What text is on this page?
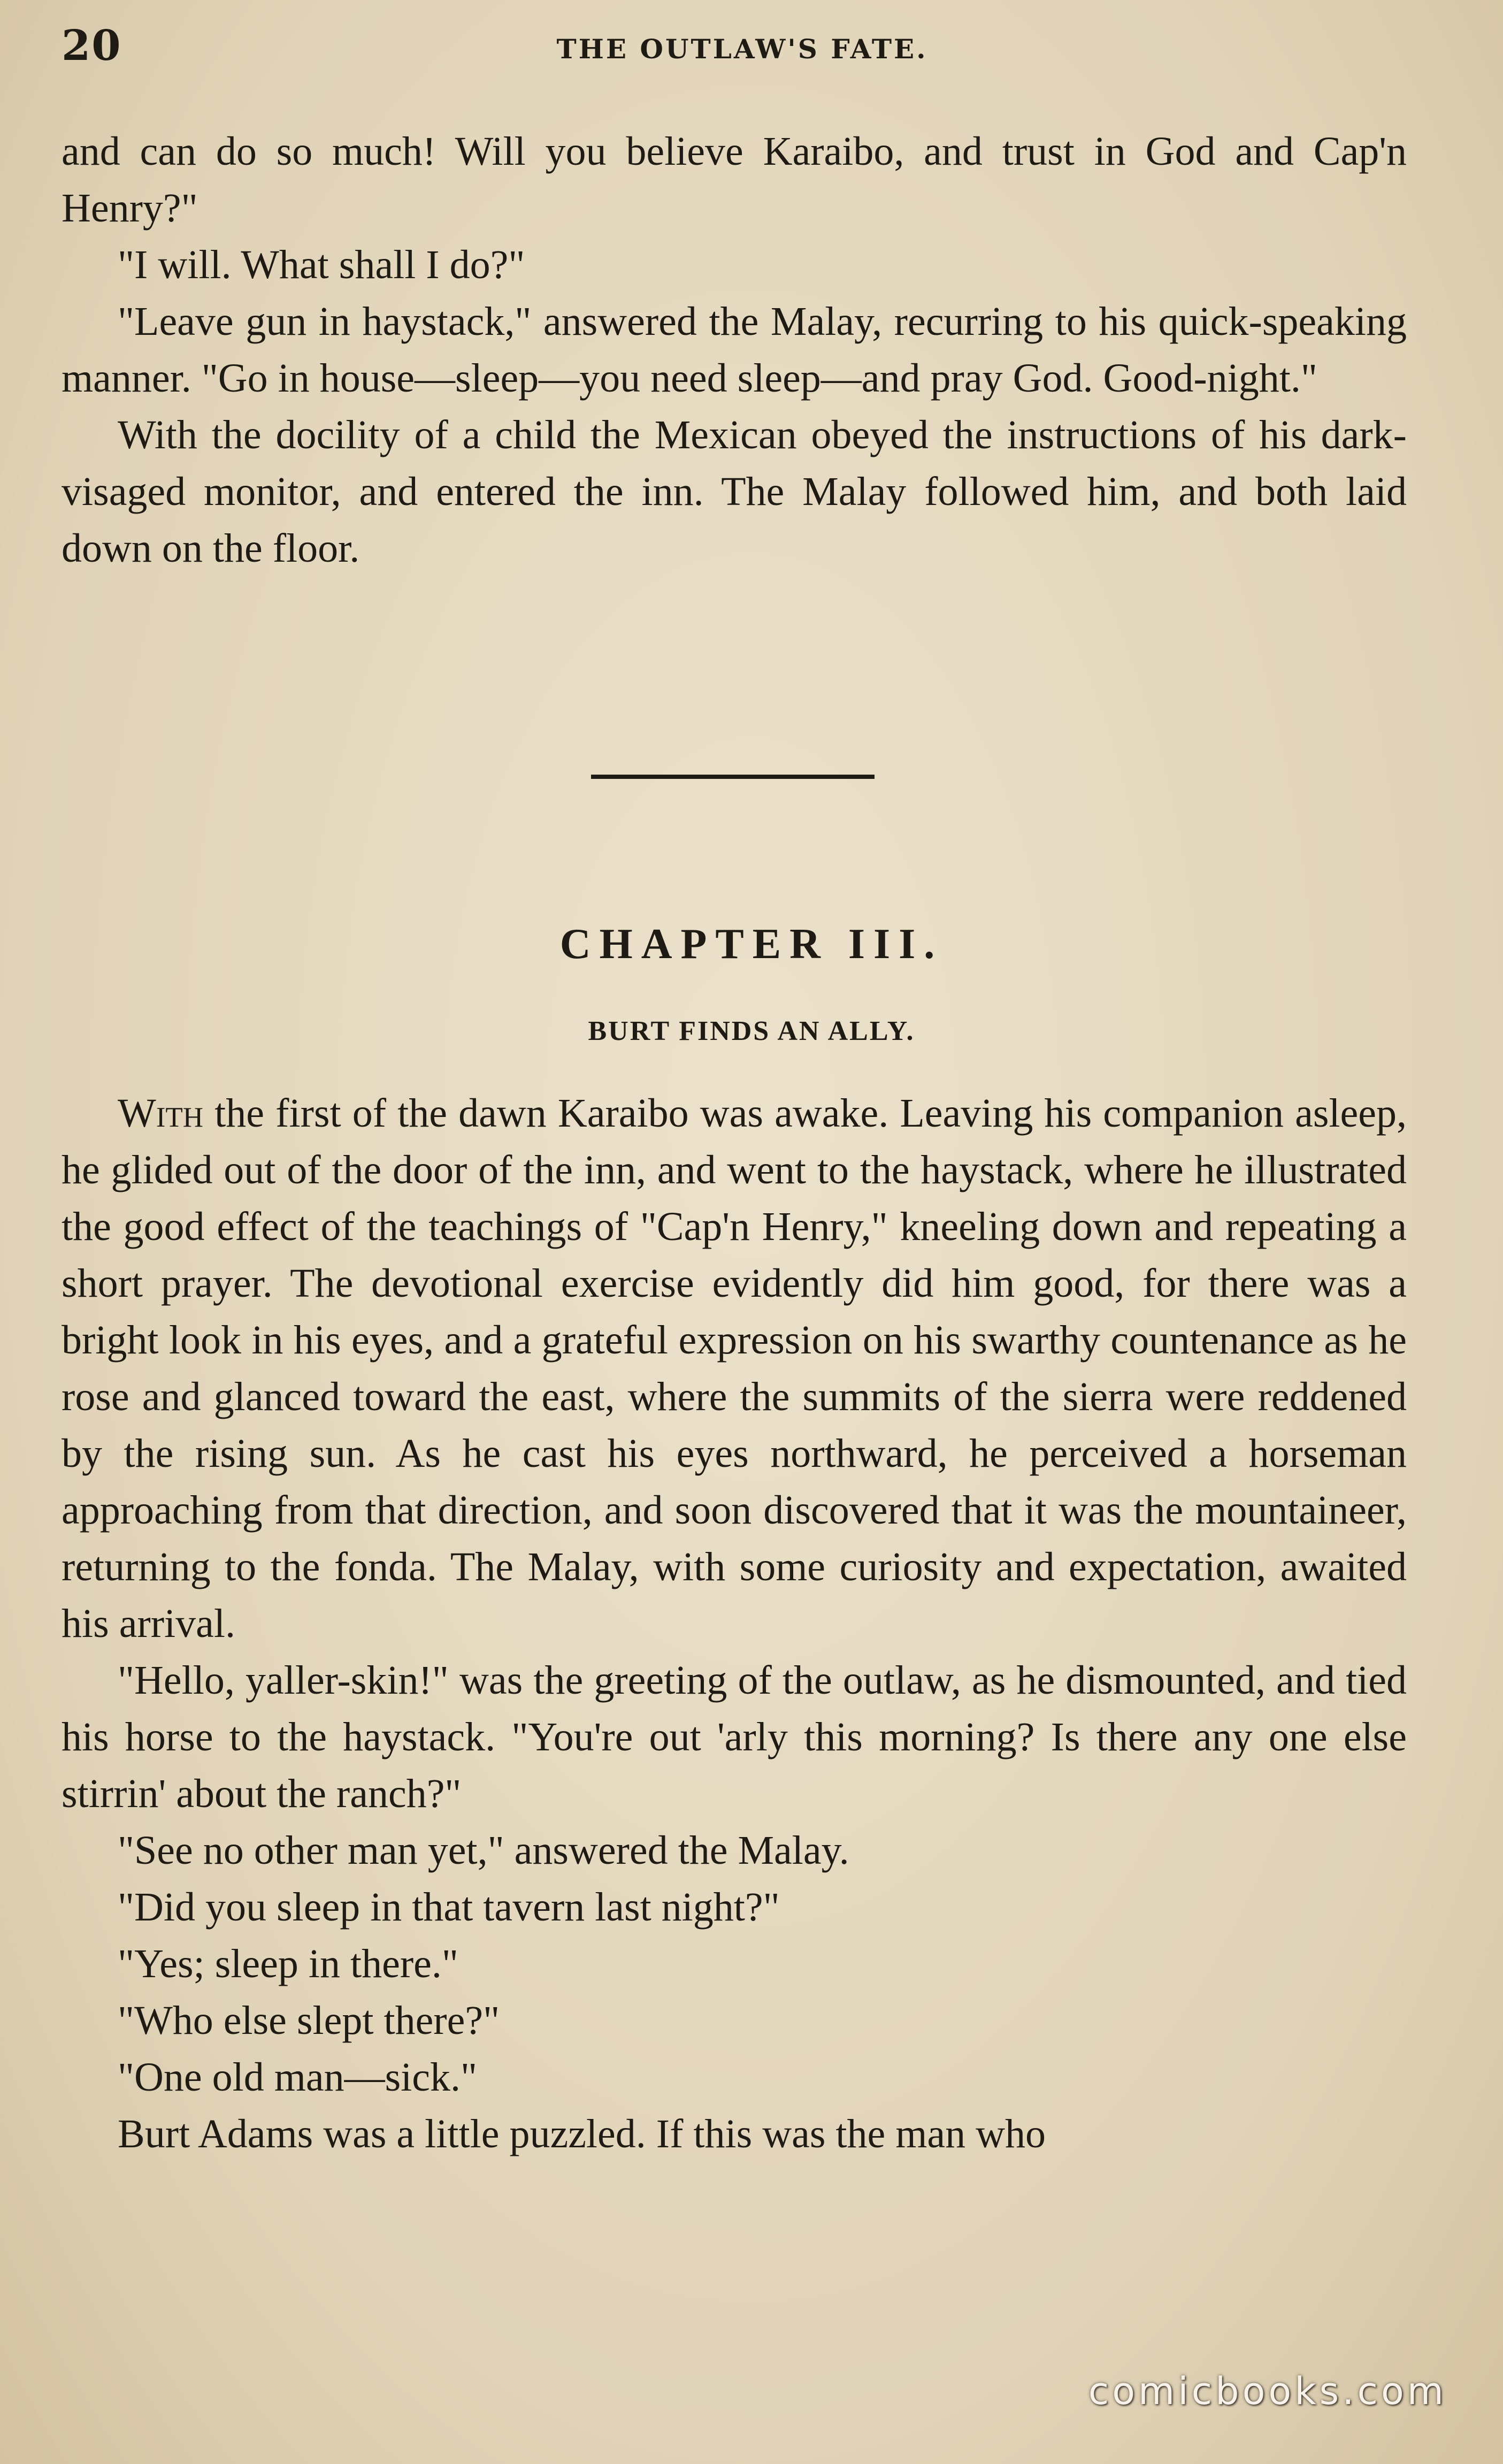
20	THE OUTLAW'S FATE.

and can do so much! Will you believe Karaibo, and trust in God and Cap'n Henry?"

"I will. What shall I do?"

"Leave gun in haystack," answered the Malay, recurring to his quick-speaking manner. "Go in house—sleep—you need sleep—and pray God. Good-night."

With the docility of a child the Mexican obeyed the instructions of his dark-visaged monitor, and entered the inn. The Malay followed him, and both laid down on the floor.

CHAPTER III.
BURT FINDS AN ALLY.

With the first of the dawn Karaibo was awake. Leaving his companion asleep, he glided out of the door of the inn, and went to the haystack, where he illustrated the good effect of the teachings of "Cap'n Henry," kneeling down and repeating a short prayer. The devotional exercise evidently did him good, for there was a bright look in his eyes, and a grateful expression on his swarthy countenance as he rose and glanced toward the east, where the summits of the sierra were reddened by the rising sun. As he cast his eyes northward, he perceived a horseman approaching from that direction, and soon discovered that it was the mountaineer, returning to the fonda. The Malay, with some curiosity and expectation, awaited his arrival.

"Hello, yaller-skin!" was the greeting of the outlaw, as he dismounted, and tied his horse to the haystack. "You're out 'arly this morning? Is there any one else stirrin' about the ranch?"

"See no other man yet," answered the Malay.

"Did you sleep in that tavern last night?"

"Yes; sleep in there."

"Who else slept there?"

"One old man—sick."

Burt Adams was a little puzzled. If this was the man who

comicbooks.com
